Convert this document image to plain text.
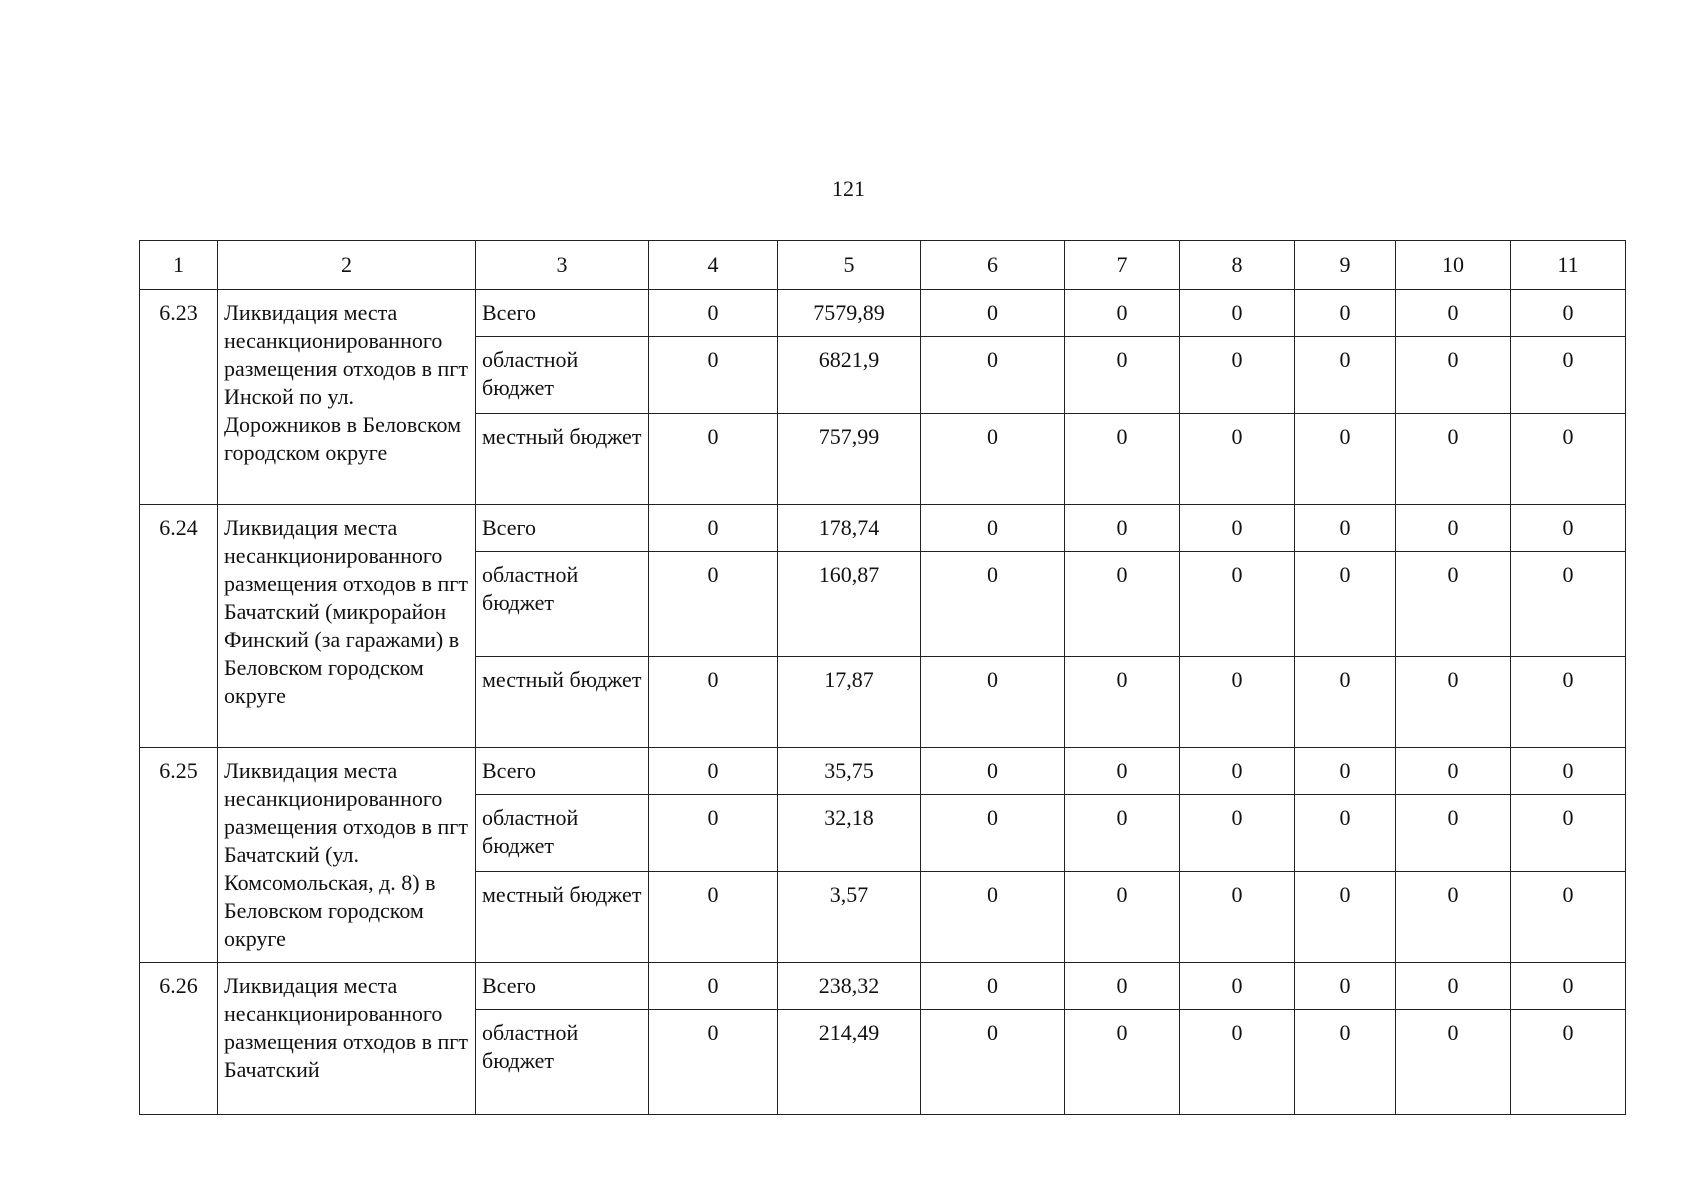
121
1	2	3	4	5	6	7	8	9	10	11
6.23	Ликвидация места несанкционированного размещения отходов в пгт Инской по ул. Дорожников в Беловском городском округе	Всего	0	7579,89	0	0	0	0	0	0
		областной бюджет	0	6821,9	0	0	0	0	0	0
		местный бюджет	0	757,99	0	0	0	0	0	0
6.24	Ликвидация места несанкционированного размещения отходов в пгт Бачатский (микрорайон Финский (за гаражами) в Беловском городском округе	Всего	0	178,74	0	0	0	0	0	0
		областной бюджет	0	160,87	0	0	0	0	0	0
		местный бюджет	0	17,87	0	0	0	0	0	0
6.25	Ликвидация места несанкционированного размещения отходов в пгт Бачатский (ул. Комсомольская, д. 8) в Беловском городском округе	Всего	0	35,75	0	0	0	0	0	0
		областной бюджет	0	32,18	0	0	0	0	0	0
		местный бюджет	0	3,57	0	0	0	0	0	0
6.26	Ликвидация места несанкционированного размещения отходов в пгт Бачатский	Всего	0	238,32	0	0	0	0	0	0
		областной бюджет	0	214,49	0	0	0	0	0	0
